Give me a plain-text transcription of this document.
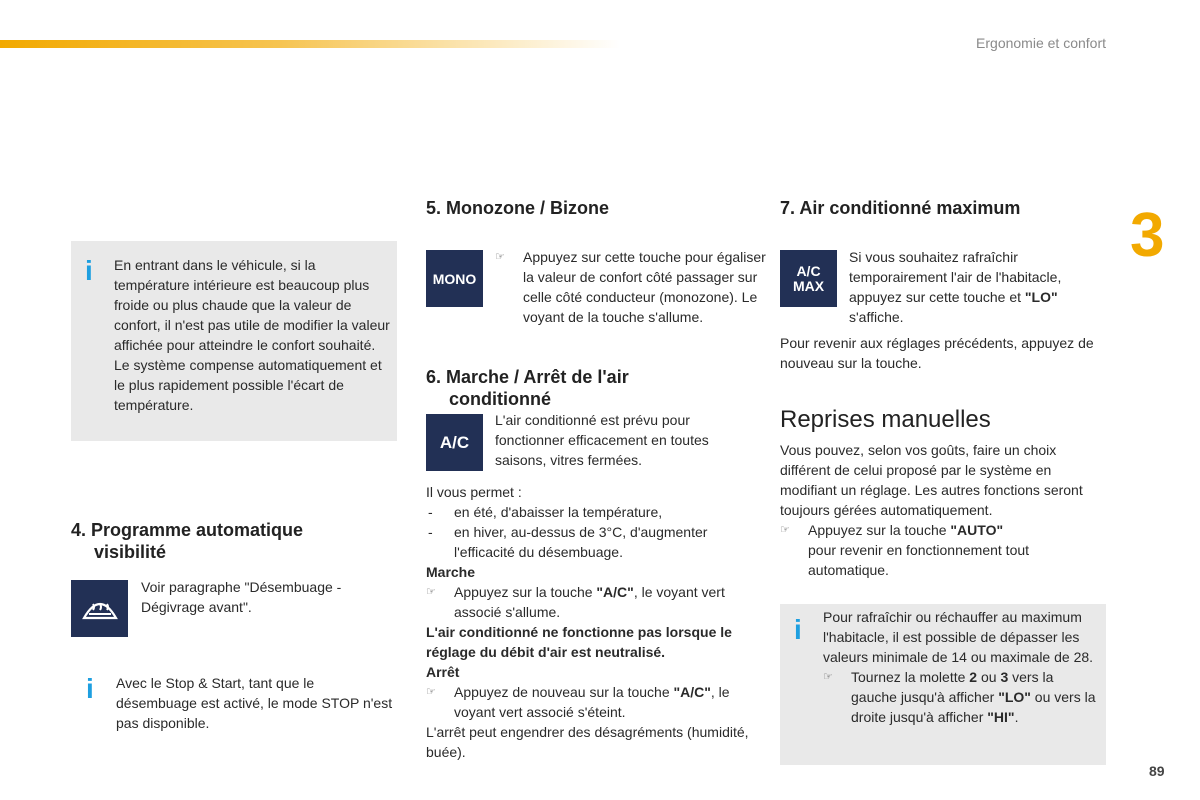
Ergonomie et confort
3
i En entrant dans le véhicule, si la température intérieure est beaucoup plus froide ou plus chaude que la valeur de confort, il n'est pas utile de modifier la valeur affichée pour atteindre le confort souhaité. Le système compense automatiquement et le plus rapidement possible l'écart de température.
4. Programme automatique
visibilité
Voir paragraphe "Désembuage - Dégivrage avant".
i Avec le Stop & Start, tant que le désembuage est activé, le mode STOP n'est pas disponible.
5. Monozone / Bizone
MONO
☞ Appuyez sur cette touche pour égaliser la valeur de confort côté passager sur celle côté conducteur (monozone). Le voyant de la touche s'allume.
6. Marche / Arrêt de l'air
conditionné
A/C
L'air conditionné est prévu pour fonctionner efficacement en toutes saisons, vitres fermées.
Il vous permet :
- en été, d'abaisser la température,
- en hiver, au-dessus de 3°C, d'augmenter l'efficacité du désembuage.
Marche
☞ Appuyez sur la touche "A/C", le voyant vert associé s'allume.
L'air conditionné ne fonctionne pas lorsque le réglage du débit d'air est neutralisé.
Arrêt
☞ Appuyez de nouveau sur la touche "A/C", le voyant vert associé s'éteint.
L'arrêt peut engendrer des désagréments (humidité, buée).
7. Air conditionné maximum
A/C
MAX
Si vous souhaitez rafraîchir temporairement l'air de l'habitacle, appuyez sur cette touche et "LO" s'affiche.
Pour revenir aux réglages précédents, appuyez de nouveau sur la touche.
Reprises manuelles
Vous pouvez, selon vos goûts, faire un choix différent de celui proposé par le système en modifiant un réglage. Les autres fonctions seront toujours gérées automatiquement.
☞ Appuyez sur la touche "AUTO"
pour revenir en fonctionnement tout automatique.
i Pour rafraîchir ou réchauffer au maximum l'habitacle, il est possible de dépasser les valeurs minimale de 14 ou maximale de 28.
☞ Tournez la molette 2 ou 3 vers la gauche jusqu'à afficher "LO" ou vers la droite jusqu'à afficher "HI".
89
